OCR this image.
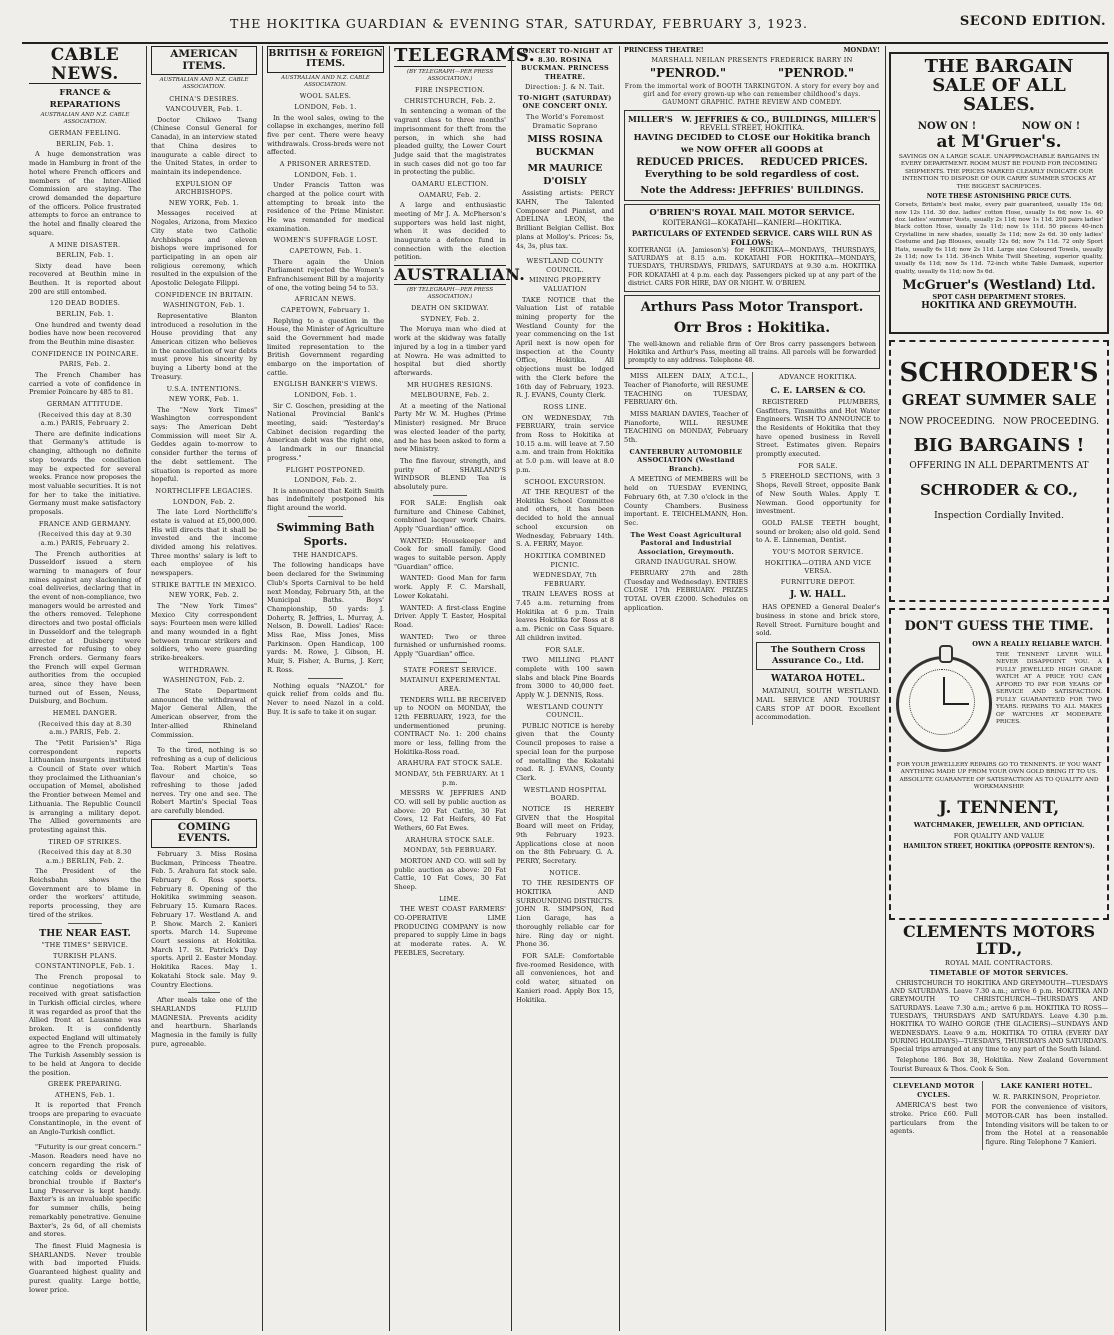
THE HOKITIKA GUARDIAN & EVENING STAR, SATURDAY, FEBRUARY 3, 1923.	SECOND EDITION.
CABLE NEWS.
FRANCE & REPARATIONS
AUSTRALIAN AND N.Z. CABLE ASSOCIATION.
GERMAN FEELING.
BERLIN, Feb. 1.

A huge demonstration was made in Hamburg in front of the hotel where French officers and members of the Inter-Allied Commission are staying. The crowd demanded the departure of the officers. Police frustrated attempts to force an entrance to the hotel and finally cleared the square.

A MINE DISASTER.
BERLIN, Feb. 1.

Sixty dead have been recovered at Beuthin mine in Beuthen. It is reported about 200 are still entombed.

120 DEAD BODIES.
BERLIN, Feb. 1.

One hundred and twenty dead bodies have now been recovered from the Beuthin mine disaster.

CONFIDENCE IN POINCARE.
PARIS, Feb. 2.

The French Chamber has carried a vote of confidence in Premier Poincare by 485 to 81.

GERMAN ATTITUDE.
(Received this day at 8.30 a.m.) PARIS, February 2.

There are definite indications that Germany's attitude is changing, although no definite step towards the conciliation may be expected for several weeks. France now proposes the most valuable securities. It is not for her to take the initiative. Germany must make satisfactory proposals.

FRANCE AND GERMANY.
(Received this day at 9.30 a.m.) PARIS, February 2.

The French authorities at Dusseldorf issued a stern warning to managers of four mines against any slackening of coal deliveries, declaring that in the event of non-compliance, two managers would be arrested and the others removed. Telephone directors and two postal officials in Dusseldorf and the telegraph director at Duisberg were arrested for refusing to obey French orders. Germany fears the French will expel German authorities from the occupied area, since they have been turned out of Essen, Neuss, Duisburg, and Bochum.

HEMEL DANGER.
(Received this day at 8.30 a.m.) PARIS, Feb. 2.

The "Petit Parisien's" Riga correspondent reports Lithuanian insurgents instituted a Council of State over which they proclaimed the Lithuanian's occupation of Memel, abolished the Frontier between Memel and Lithuania. The Republic Council is arranging a military depot. The Allied governments are protesting against this.

TIRED OF STRIKES.
(Received this day at 8.30 a.m.) BERLIN, Feb. 2.

The President of the Reichsbahn shows the Government are to blame in order the workers' attitude, reports processing, they are tired of the strikes.

THE NEAR EAST.
"THE TIMES" SERVICE.
TURKISH PLANS.
CONSTANTINOPLE, Feb. 1.

The French proposal to continue negotiations was received with great satisfaction in Turkish official circles, where it was regarded as proof that the Allied front at Lausanne was broken. It is confidently expected England will ultimately agree to the French proposals. The Turkish Assembly session is to be held at Angora to decide the position.

GREEK PREPARING.
ATHENS, Feb. 1.

It is reported that French troops are preparing to evacuate Constantinople, in the event of an Anglo-Turkish conflict.

"Futurity is our great concern." -Mason. Readers need have no concern regarding the risk of catching colds or developing bronchial trouble if Baxter's Lung Preserver is kept handy. Baxter's is an invaluable specific for summer chills, being remarkably penetrative. Genuine Baxter's, 2s 6d, of all chemists and stores.

The finest Fluid Magnesia is SHARLANDS. Never trouble with bad imported Fluids. Guaranteed highest quality and purest quality. Large bottle, lower price.

AMERICAN ITEMS.
AUSTRALIAN AND N.Z. CABLE ASSOCIATION.
CHINA'S DESIRES.
VANCOUVER, Feb. 1.

Doctor Chikwo Tsang (Chinese Consul General for Canada), in an interview stated that China desires to inaugurate a cable direct to the United States, in order to maintain its independence.

EXPULSION OF ARCHBISHOPS.
NEW YORK, Feb. 1.

Messages received at Nogales, Arizona, from Mexico City state two Catholic Archbishops and eleven bishops were imprisoned for participating in an open air religious ceremony, which resulted in the expulsion of the Apostolic Delegate Filippi.

CONFIDENCE IN BRITAIN.
WASHINGTON, Feb. 1.

Representative Blanton introduced a resolution in the House providing that any American citizen who believes in the cancellation of war debts must prove his sincerity by buying a Liberty bond at the Treasury.

U.S.A. INTENTIONS.
NEW YORK, Feb. 1.

The "New York Times" Washington correspondent says: The American Debt Commission will meet Sir A. Geddes again to-morrow to consider further the terms of the debt settlement. The situation is reported as more hopeful.

NORTHCLIFFE LEGACIES.
LONDON, Feb. 2.

The late Lord Northcliffe's estate is valued at £5,000,000. His will directs that it shall be invested and the income divided among his relatives. Three months' salary is left to each employee of his newspapers.

STRIKE BATTLE IN MEXICO.
NEW YORK, Feb. 2.

The "New York Times" Mexico City correspondent says: Fourteen men were killed and many wounded in a fight between tramcar strikers and soldiers, who were guarding strike-breakers.

WITHDRAWN.
WASHINGTON, Feb. 2.

The State Department announced the withdrawal of Major General Allen, the American observer, from the Inter-allied Rhineland Commission.

To the tired, nothing is so refreshing as a cup of delicious Tea. Robert Martin's Teas flavour and choice, so refreshing to those jaded nerves. Try one and see. The Robert Martin's Special Teas are carefully blended.

COMING EVENTS.

February 3. Miss Rosina Buckman, Princess Theatre. Feb. 5. Arahura fat stock sale. February 6. Ross sports. February 8. Opening of the Hokitika swimming season. February 15. Kumara Races. February 17. Westland A. and P. Show. March 2. Kanieri sports. March 14. Supreme Court sessions at Hokitika. March 17. St. Patrick's Day sports. April 2. Easter Monday. Hokitika Races. May 1. Kokatahi Stock sale. May 9. Country Elections.

After meals take one of the SHARLANDS FLUID MAGNESIA. Prevents acidity and heartburn. Sharlands Magnesia in the family is fully pure, agreeable.

BRITISH & FOREIGN ITEMS.
AUSTRALIAN AND N.Z. CABLE ASSOCIATION.
WOOL SALES.
LONDON, Feb. 1.

In the wool sales, owing to the collapse in exchanges, merino fell five per cent. There were heavy withdrawals. Cross-breds were not affected.

A PRISONER ARRESTED.
LONDON, Feb. 1.

Under Francis Tatton was charged at the police court with attempting to break into the residence of the Prime Minister. He was remanded for medical examination.

WOMEN'S SUFFRAGE LOST.
CAPETOWN, Feb. 1.

There again the Union Parliament rejected the Women's Enfranchisement Bill by a majority of one, the voting being 54 to 53.

AFRICAN NEWS.
CAPETOWN, February 1.

Replying to a question in the House, the Minister of Agriculture said the Government had made limited representation to the British Government regarding embargo on the importation of cattle.

ENGLISH BANKER'S VIEWS.
LONDON, Feb. 1.

Sir C. Goschen, presiding at the National Provincial Bank's meeting, said: "Yesterday's Cabinet decision regarding the American debt was the right one, a landmark in our financial progress."

FLIGHT POSTPONED.
LONDON, Feb. 2.

It is announced that Keith Smith has indefinitely postponed his flight around the world.

Swimming Bath Sports.
THE HANDICAPS.

The following handicaps have been declared for the Swimming Club's Sports Carnival to be held next Monday, February 5th, at the Municipal Baths. Boys' Championship, 50 yards: J. Doherty, R. Jeffries, L. Murray, A. Nelson, B. Dowell. Ladies' Race: Miss Rae, Miss Jones, Miss Parkinson. Open Handicap, 100 yards: M. Rowe, J. Gibson, H. Muir, S. Fisher, A. Burns, J. Kerr, R. Ross.

Nothing equals "NAZOL" for quick relief from colds and flu. Never to need Nazol in a cold. Buy. It is safe to take it on sugar.

TELEGRAMS.
(BY TELEGRAPH—PER PRESS ASSOCIATION.)
FIRE INSPECTION.
CHRISTCHURCH, Feb. 2.

In sentencing a woman of the vagrant class to three months' imprisonment for theft from the person, in which she had pleaded guilty, the Lower Court Judge said that the magistrates in such cases did not go too far in protecting the public.

OAMARU ELECTION.
OAMARU, Feb. 2.

A large and enthusiastic meeting of Mr J. A. McPherson's supporters was held last night, when it was decided to inaugurate a defence fund in connection with the election petition.

AUSTRALIAN.
(BY TELEGRAPH—PER PRESS ASSOCIATION.)
DEATH ON SKIDWAY.
SYDNEY, Feb. 2.

The Moruya man who died at work at the skidway was fatally injured by a log in a timber yard at Nowra. He was admitted to hospital but died shortly afterwards.

MR HUGHES RESIGNS.
MELBOURNE, Feb. 2.

At a meeting of the National Party Mr W. M. Hughes (Prime Minister) resigned. Mr Bruce was elected leader of the party, and he has been asked to form a new Ministry.

The fine flavour, strength, and purity of SHARLAND'S WINDSOR BLEND Tea is absolutely pure.

FOR SALE: English oak furniture and Chinese Cabinet, combined lacquer work Chairs. Apply "Guardian" office.

WANTED: Housekeeper and Cook for small family. Good wages to suitable person. Apply "Guardian" office.

WANTED: Good Man for farm work. Apply F. C. Marshall, Lower Kokatahi.

WANTED: A first-class Engine Driver. Apply T. Easter, Hospital Road.

WANTED: Two or three furnished or unfurnished rooms. Apply "Guardian" office.

STATE FOREST SERVICE.
MATAINUI EXPERIMENTAL AREA.

TENDERS WILL BE RECEIVED up to NOON on MONDAY, the 12th FEBRUARY, 1923, for the undermentioned pruning. CONTRACT No. 1: 200 chains more or less, felling from the Hokitika-Ross road.

ARAHURA FAT STOCK SALE.
MONDAY, 5th FEBRUARY. At 1 p.m.

MESSRS W. JEFFRIES AND CO. will sell by public auction as above: 20 Fat Cattle, 30 Fat Cows, 12 Fat Heifers, 40 Fat Wethers, 60 Fat Ewes.

ARAHURA STOCK SALE.
MONDAY, 5th FEBRUARY.

MORTON AND CO. will sell by public auction as above: 20 Fat Cattle, 10 Fat Cows, 30 Fat Sheep.

LIME.

THE WEST COAST FARMERS' CO-OPERATIVE LIME PRODUCING COMPANY is now prepared to supply Lime in bags at moderate rates. A. W. PEEBLES, Secretary.

CONCERT TO-NIGHT AT 8.30. ROSINA BUCKMAN. PRINCESS THEATRE.
Direction: J. & N. Tait.
TO-NIGHT (SATURDAY) ONE CONCERT ONLY.
The World's Foremost Dramatic Soprano
MISS ROSINA BUCKMAN
MR MAURICE D'OISLY

Assisting artists: PERCY KAHN, The Talented Composer and Pianist, and ADELINA LEON, the Brilliant Belgian Cellist. Box plans at Molloy's. Prices: 5s, 4s, 3s, plus tax.

WESTLAND COUNTY COUNCIL.
MINING PROPERTY VALUATION

TAKE NOTICE that the Valuation List of ratable mining property for the Westland County for the year commencing on the 1st April next is now open for inspection at the County Office, Hokitika. All objections must be lodged with the Clerk before the 16th day of February, 1923. R. J. EVANS, County Clerk.

ROSS LINE.

ON WEDNESDAY, 7th FEBRUARY, train service from Ross to Hokitika at 10.15 a.m. will leave at 7.50 a.m. and train from Hokitika at 5.0 p.m. will leave at 8.0 p.m.

SCHOOL EXCURSION.

AT THE REQUEST of the Hokitika School Committee and others, it has been decided to hold the annual school excursion on Wednesday, February 14th. S. A. FERRY, Mayor.

HOKITIKA COMBINED PICNIC.
WEDNESDAY, 7th FEBRUARY.

TRAIN LEAVES ROSS at 7.45 a.m. returning from Hokitika at 6 p.m. Train leaves Hokitika for Ross at 8 a.m. Picnic on Cass Square. All children invited.

FOR SALE.

TWO MILLING PLANT complete with 100 sawn slabs and black Pine Boards from 3000 to 40,000 feet. Apply W. J. DENNIS, Ross.

WESTLAND COUNTY COUNCIL.

PUBLIC NOTICE is hereby given that the County Council proposes to raise a special loan for the purpose of metalling the Kokatahi road. R. J. EVANS, County Clerk.

WESTLAND HOSPITAL BOARD.

NOTICE IS HEREBY GIVEN that the Hospital Board will meet on Friday, 9th February 1923. Applications close at noon on the 8th February. G. A. PERRY, Secretary.

NOTICE.

TO THE RESIDENTS OF HOKITIKA AND SURROUNDING DISTRICTS. JOHN R. SIMPSON, Red Lion Garage, has a thoroughly reliable car for hire. Ring day or night. Phone 36.

FOR SALE: Comfortable five-roomed Residence, with all conveniences, hot and cold water, situated on Kanieri road. Apply Box 15, Hokitika.

PRINCESS THEATRE!	MONDAY!
MARSHALL NEILAN PRESENTS FREDERICK BARRY IN
"PENROD."	"PENROD."
From the immortal work of BOOTH TARKINGTON. A story for every boy and girl and for every grown-up who can remember childhood's days. GAUMONT GRAPHIC. PATHE REVIEW AND COMEDY.
MILLER'S W. JEFFRIES & CO., BUILDINGS, MILLER'S
REVELL STREET, HOKITIKA.
HAVING DECIDED to CLOSE our Hokitika branch we NOW OFFER all GOODS at
REDUCED PRICES. REDUCED PRICES.
Everything to be sold regardless of cost.
Note the Address: JEFFRIES' BUILDINGS.
O'BRIEN'S ROYAL MAIL MOTOR SERVICE.
KOITERANGI—KOKATAHI—KANIERI—HOKITIKA.
PARTICULARS OF EXTENDED SERVICE. CARS WILL RUN AS FOLLOWS:
KOITERANGI (A. Jamieson's) for HOKITIKA—MONDAYS, THURSDAYS, SATURDAYS at 8.15 a.m. KOKATAHI FOR HOKITIKA—MONDAYS, TUESDAYS, THURSDAYS, FRIDAYS, SATURDAYS at 9.30 a.m. HOKITIKA FOR KOKATAHI at 4 p.m. each day. Passengers picked up at any part of the district. CARS FOR HIRE, DAY OR NIGHT. W. O'BRIEN.
Arthurs Pass Motor Transport.
Orr Bros : Hokitika.
The well-known and reliable firm of Orr Bros carry passengers between Hokitika and Arthur's Pass, meeting all trains. All parcels will be forwarded promptly to any address. Telephone 48.

MISS AILEEN DALY, A.T.C.L., Teacher of Pianoforte, will RESUME TEACHING on TUESDAY, FEBRUARY 6th.

MISS MARIAN DAVIES, Teacher of Pianoforte, WILL RESUME TEACHING on MONDAY, February 5th.

CANTERBURY AUTOMOBILE ASSOCIATION (Westland Branch).

A MEETING of MEMBERS will be held on TUESDAY EVENING, February 6th, at 7.30 o'clock in the County Chambers. Business important. E. TEICHELMANN, Hon. Sec.

The West Coast Agricultural Pastoral and Industrial Association, Greymouth.
GRAND INAUGURAL SHOW.

FEBRUARY 27th and 28th (Tuesday and Wednesday). ENTRIES CLOSE 17th FEBRUARY. PRIZES TOTAL OVER £2000. Schedules on application.

ADVANCE HOKITIKA.
C. E. LARSEN & CO.

REGISTERED PLUMBERS, Gasfitters, Tinsmiths and Hot Water Engineers. WISH TO ANNOUNCE to the Residents of Hokitika that they have opened business in Revell Street. Estimates given. Repairs promptly executed.

FOR SALE.

5 FREEHOLD SECTIONS, with 3 Shops, Revell Street, opposite Bank of New South Wales. Apply T. Newman. Good opportunity for investment.

GOLD FALSE TEETH bought, sound or broken; also old gold. Send to A. E. Linneman, Dentist.

YOU'S MOTOR SERVICE.
HOKITIKA—OTIRA AND VICE VERSA.
FURNITURE DEPOT.
J. W. HALL.

HAS OPENED a General Dealer's business in stone and brick store, Revell Street. Furniture bought and sold.

The Southern Cross Assurance Co., Ltd.
WATAROA HOTEL.

MATAINUI, SOUTH WESTLAND. MAIL SERVICE AND TOURIST CARS STOP AT DOOR. Excellent accommodation.

THE BARGAIN SALE OF ALL SALES.
NOW ON !	NOW ON !
at M'Gruer's.
SAVINGS ON A LARGE SCALE. UNAPPROACHABLE BARGAINS IN EVERY DEPARTMENT. ROOM MUST BE FOUND FOR INCOMING SHIPMENTS. THE PRICES MARKED CLEARLY INDICATE OUR INTENTION TO DISPOSE OF OUR CARRY SUMMER STOCKS AT THE BIGGEST SACRIFICES.
NOTE THESE ASTONISHING PRICE CUTS.
Corsets, Britain's best make, every pair guaranteed, usually 15s 6d; now 12s 11d. 30 doz. ladies' cotton Hose, usually 1s 6d; now 1s. 40 doz. ladies' summer Vests, usually 2s 11d; now 1s 11d. 200 pairs ladies' black cotton Hose, usually 2s 11d; now 1s 11d. 50 pieces 40-inch Crystalline in new shades, usually 3s 11d; now 2s 6d. 30 only ladies' Costume and Jap Blouses, usually 12s 6d; now 7s 11d. 72 only Sport Hats, usually 6s 11d; now 2s 11d. Large size Coloured Towels, usually 2s 11d; now 1s 11d. 36-inch White Twill Sheeting, superior quality, usually 6s 11d; now 5s 11d. 72-inch white Table Damask, superior quality, usually 6s 11d; now 5s 6d.
McGruer's (Westland) Ltd.
SPOT CASH DEPARTMENT STORES.
HOKITIKA AND GREYMOUTH.
SCHRODER'S
GREAT SUMMER SALE
NOW PROCEEDING. NOW PROCEEDING.
BIG BARGAINS !
OFFERING IN ALL DEPARTMENTS AT
SCHRODER & CO.,
Inspection Cordially Invited.
DON'T GUESS THE TIME.
OWN A REALLY RELIABLE WATCH.
THE TENNENT LEVER WILL NEVER DISAPPOINT YOU. A FULLY JEWELLED HIGH GRADE WATCH AT A PRICE YOU CAN AFFORD TO PAY FOR YEARS OF SERVICE AND SATISFACTION. FULLY GUARANTEED FOR TWO YEARS. REPAIRS TO ALL MAKES OF WATCHES AT MODERATE PRICES.
FOR YOUR JEWELLERY REPAIRS GO TO TENNENTS. IF YOU WANT ANYTHING MADE UP FROM YOUR OWN GOLD BRING IT TO US. ABSOLUTE GUARANTEE OF SATISFACTION AS TO QUALITY AND WORKMANSHIP.
J. TENNENT,
WATCHMAKER, JEWELLER, AND OPTICIAN.
FOR QUALITY AND VALUE
HAMILTON STREET, HOKITIKA (OPPOSITE RENTON'S).
CLEMENTS MOTORS LTD.,
ROYAL MAIL CONTRACTORS.
TIMETABLE OF MOTOR SERVICES.

CHRISTCHURCH TO HOKITIKA AND GREYMOUTH—TUESDAYS AND SATURDAYS. Leave 7.30 a.m.; arrive 6 p.m. HOKITIKA AND GREYMOUTH TO CHRISTCHURCH—THURSDAYS AND SATURDAYS. Leave 7.30 a.m.; arrive 6 p.m. HOKITIKA TO ROSS—TUESDAYS, THURSDAYS AND SATURDAYS. Leave 4.30 p.m. HOKITIKA TO WAIHO GORGE (THE GLACIERS)—SUNDAYS AND WEDNESDAYS. Leave 9 a.m. HOKITIKA TO OTIRA (EVERY DAY DURING HOLIDAYS)—TUESDAYS, THURSDAYS AND SATURDAYS. Special trips arranged at any time to any part of the South Island.

Telephone 186. Box 38, Hokitika. New Zealand Government Tourist Bureaux & Thos. Cook & Son.

CLEVELAND MOTOR CYCLES.

AMERICA'S best two stroke. Price £60. Full particulars from the agents.

LAKE KANIERI HOTEL.
W. R. PARKINSON, Proprietor.

FOR the convenience of visitors, MOTOR-CAR has been installed. Intending visitors will be taken to or from the Hotel at a reasonable figure. Ring Telephone 7 Kanieri.
